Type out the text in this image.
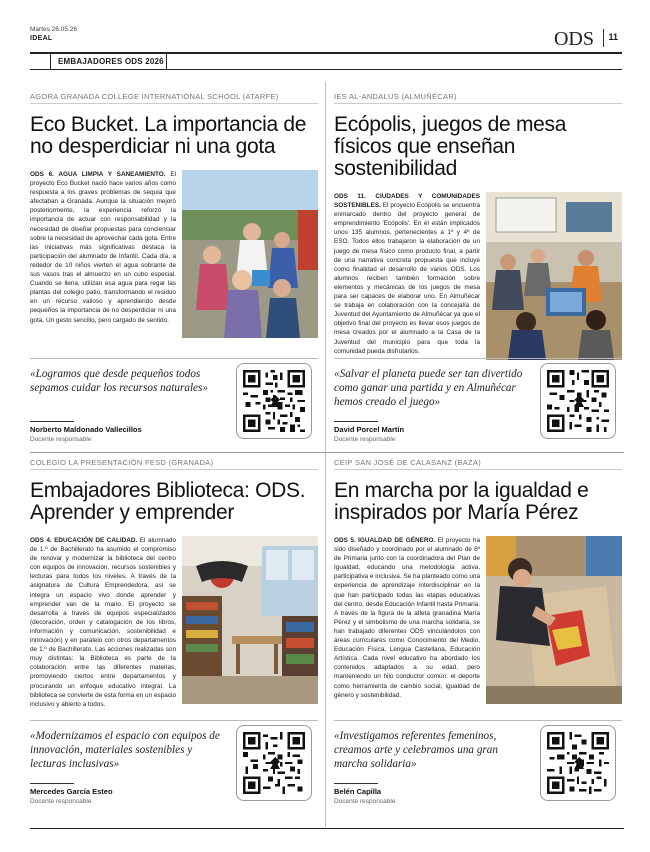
Martes 26.05.26
IDEAL	ODS 11
EMBAJADORES ODS 2026
AGORA GRANADA COLLEGE INTERNATIONAL SCHOOL (ATARFE)
Eco Bucket. La importancia de no desperdiciar ni una gota

ODS 6. AGUA LIMPIA Y SANEAMIENTO. El proyecto Eco Bucket nació hace varios años como respuesta a los graves problemas de sequía que afectaban a Granada. Aunque la situación mejoró posteriormente, la experiencia reforzó la importancia de actuar con responsabilidad y la necesidad de diseñar propuestas para concienciar sobre la necesidad de aprovechar cada gota. Entre las iniciativas más significativas destaca la participación del alumnado de Infantil. Cada día, a rededor de 10 niños vierten el agua sobrante de sus vasos tras el almuerzo en un cubo especial. Cuando se llena, utilizan esa agua para regar las plantas del colegio patio, transformando el residuo en un recurso valioso y aprendiendo desde pequeños la importancia de no desperdiciar ni una gota. Un gesto sencillo, pero cargado de sentido.

«Logramos que desde pequeños todos sepamos cuidar los recursos naturales»
Norberto Maldonado Vallecillos
Docente responsable
IES AL-ANDALUS (ALMUÑÉCAR)
Ecópolis, juegos de mesa físicos que enseñan sostenibilidad

ODS 11. CIUDADES Y COMUNIDADES SOSTENIBLES. El proyecto Ecópolis se encuentra enmarcado dentro del proyecto general de emprendimiento 'Ecópolis'. En él están implicados unos 135 alumnos, pertenecientes a 1º y 4º de ESO. Todos ellos trabajaron la elaboración de un juego de mesa físico como producto final, a partir de una narrativa concreta propuesta que incluye como finalidad el desarrollo de varios ODS. Los alumnos reciben también formación sobre elementos y mecánicas de los juegos de mesa para ser capaces de elaborar uno. En Almuñécar se trabaja en colaboración con la concejalía de Juventud del Ayuntamiento de Almuñécar ya que el objetivo final del proyecto es llevar esos juegos de mesa creados por el alumnado a la Casa de la Juventud del municipio para que toda la comunidad pueda disfrutarlos.

«Salvar el planeta puede ser tan divertido como ganar una partida y en Almuñécar hemos creado el juego»
David Porcel Martín
Docente responsable
COLEGIO LA PRESENTACIÓN FESD (GRANADA)
Embajadores Biblioteca: ODS. Aprender y emprender

ODS 4. EDUCACIÓN DE CALIDAD. El alumnado de 1.º de Bachillerato ha asumido el compromiso de renovar y modernizar la biblioteca del centro con equipos de innovación, recursos sostenibles y lecturas para todos los niveles. A través de la asignatura de Cultura Emprendedora, así se integra un espacio vivo donde aprender y emprender van de la mano. El proyecto se desarrolla a través de equipos especializados (decoración, orden y catalogación de los libros, información y comunicación, sostenibilidad e innovación) y en paralelo con otros departamentos de 1.º de Bachillerato. Las acciones realizadas son muy distintas: la Biblioteca es parte de la colaboración entre las diferentes materias, promoviendo ciertos entre departamentos y procurando un enfoque educativo integral. La biblioteca se convierte de esta forma en un espacio inclusivo y abierto a todos.

«Modernizamos el espacio con equipos de innovación, materiales sostenibles y lecturas inclusivas»
Mercedes García Esteo
Docente responsable
CEIP SAN JOSÉ DE CALASANZ (BAZA)
En marcha por la igualdad e inspirados por María Pérez

ODS 5. IGUALDAD DE GÉNERO. El proyecto ha sido diseñado y coordinado por el alumnado de 6º de Primaria junto con la coordinadora del Plan de Igualdad, educando una metodología activa, participativa e inclusiva. Se ha planteado como una experiencia de aprendizaje interdisciplinar en la que han participado todas las etapas educativas del centro, desde Educación Infantil hasta Primaria. A través de la figura de la atleta granadina María Pérez y el simbolismo de una marcha solidaria, se han trabajado diferentes ODS vinculándolos con áreas curriculares como Conocimiento del Medio, Educación Física, Lengua Castellana, Educación Artística. Cada nivel educativo ha abordado los contenidos adaptados a su edad, pero manteniendo un hilo conductor común: el deporte como herramienta de cambio social, igualdad de género y sostenibilidad.

«Investigamos referentes femeninos, creamos arte y celebramos una gran marcha solidaria»
Belén Capilla
Docente responsable
